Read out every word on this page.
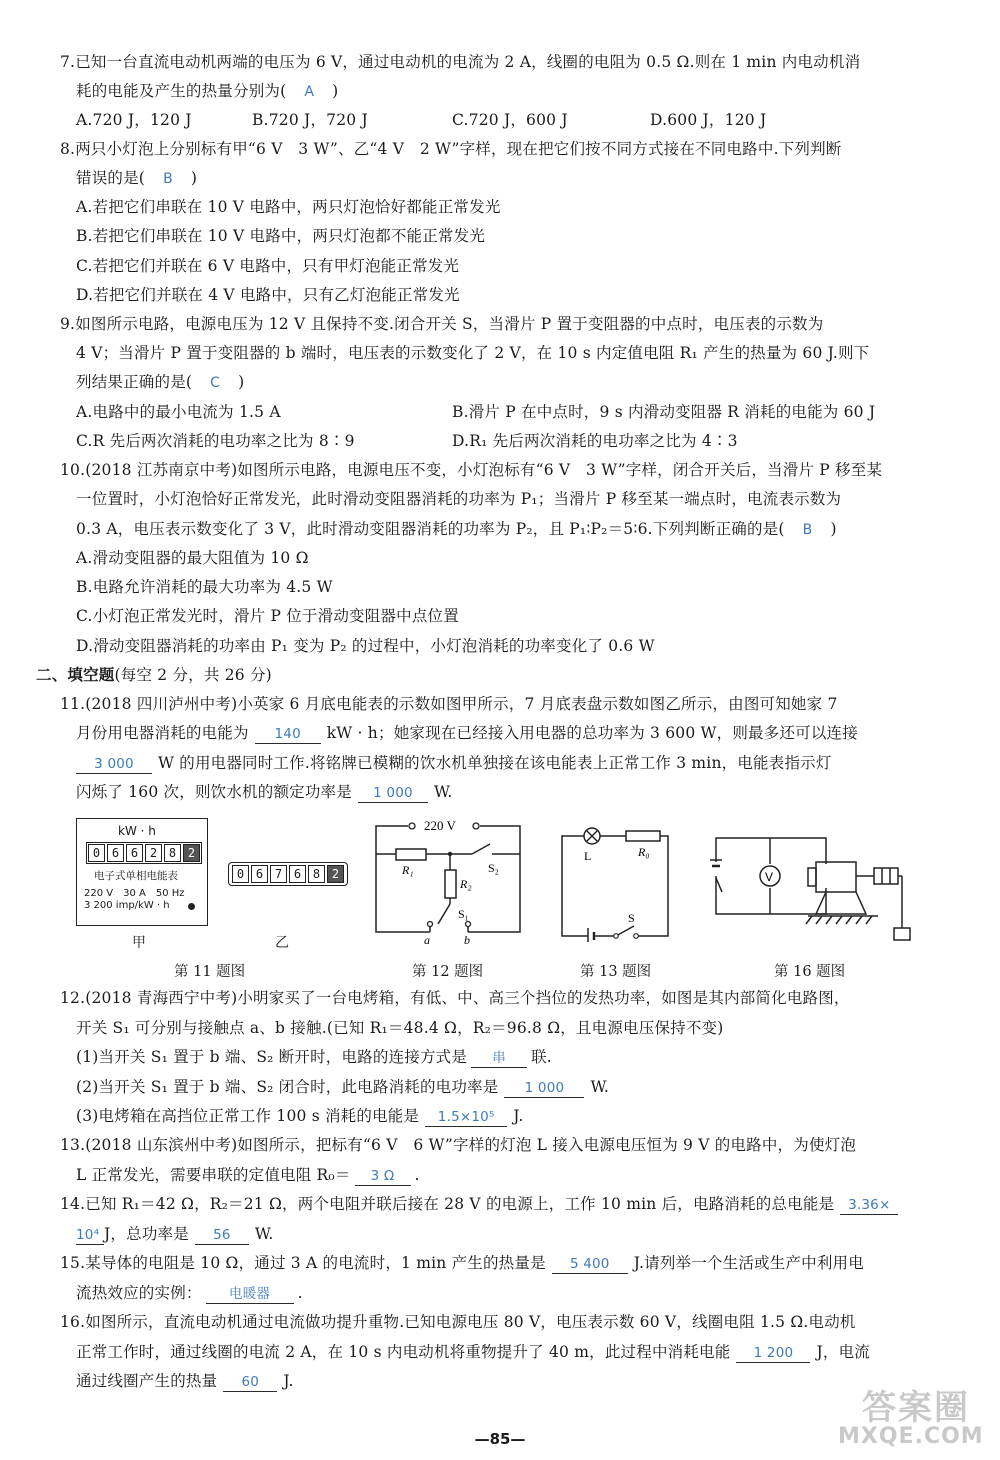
7.已知一台直流电动机两端的电压为 6 V，通过电动机的电流为 2 A，线圈的电阻为 0.5 Ω.则在 1 min 内电动机消
耗的电能及产生的热量分别为( A )
A.720 J，120 J	B.720 J，720 J	C.720 J，600 J	D.600 J，120 J
8.两只小灯泡上分别标有甲“6 V　3 W”、乙“4 V　2 W”字样，现在把它们按不同方式接在不同电路中.下列判断
错误的是( B )
A.若把它们串联在 10 V 电路中，两只灯泡恰好都能正常发光
B.若把它们串联在 10 V 电路中，两只灯泡都不能正常发光
C.若把它们并联在 6 V 电路中，只有甲灯泡能正常发光
D.若把它们并联在 4 V 电路中，只有乙灯泡能正常发光
9.如图所示电路，电源电压为 12 V 且保持不变.闭合开关 S，当滑片 P 置于变阻器的中点时，电压表的示数为
4 V；当滑片 P 置于变阻器的 b 端时，电压表的示数变化了 2 V，在 10 s 内定值电阻 R₁ 产生的热量为 60 J.则下
列结果正确的是( C )
A.电路中的最小电流为 1.5 A	B.滑片 P 在中点时，9 s 内滑动变阻器 R 消耗的电能为 60 J
C.R 先后两次消耗的电功率之比为 8∶9	D.R₁ 先后两次消耗的电功率之比为 4∶3
10.(2018 江苏南京中考)如图所示电路，电源电压不变，小灯泡标有“6 V　3 W”字样，闭合开关后，当滑片 P 移至某
一位置时，小灯泡恰好正常发光，此时滑动变阻器消耗的功率为 P₁；当滑片 P 移至某一端点时，电流表示数为
0.3 A，电压表示数变化了 3 V，此时滑动变阻器消耗的功率为 P₂，且 P₁∶P₂＝5∶6.下列判断正确的是( B )
A.滑动变阻器的最大阻值为 10 Ω
B.电路允许消耗的最大功率为 4.5 W
C.小灯泡正常发光时，滑片 P 位于滑动变阻器中点位置
D.滑动变阻器消耗的功率由 P₁ 变为 P₂ 的过程中，小灯泡消耗的功率变化了 0.6 W
二、填空题(每空 2 分，共 26 分)
11.(2018 四川泸州中考)小英家 6 月底电能表的示数如图甲所示，7 月底表盘示数如图乙所示，由图可知她家 7
月份用电器消耗的电能为 140 kW · h；她家现在已经接入用电器的总功率为 3 600 W，则最多还可以连接
3 000 W 的用电器同时工作.将铭牌已模糊的饮水机单独接在该电能表上正常工作 3 min，电能表指示灯
闪烁了 160 次，则饮水机的额定功率是 1 000 W.
kW · h
0 6 6 2 8 2
电子式单相电能表
220 V　30 A　50 Hz
3 200 imp/kW · h
甲
0 6 7 6 8 2
乙
220 V
R₁
R₂
S₂
S₁
a	b
L	R₀
S
V
第 11 题图	第 12 题图	第 13 题图	第 16 题图
12.(2018 青海西宁中考)小明家买了一台电烤箱，有低、中、高三个挡位的发热功率，如图是其内部简化电路图，
开关 S₁ 可分别与接触点 a、b 接触.(已知 R₁＝48.4 Ω，R₂＝96.8 Ω，且电源电压保持不变)
(1)当开关 S₁ 置于 b 端、S₂ 断开时，电路的连接方式是 串 联.
(2)当开关 S₁ 置于 b 端、S₂ 闭合时，此电路消耗的电功率是 1 000 W.
(3)电烤箱在高挡位正常工作 100 s 消耗的电能是 1.5×10⁵ J.
13.(2018 山东滨州中考)如图所示，把标有“6 V　6 W”字样的灯泡 L 接入电源电压恒为 9 V 的电路中，为使灯泡
L 正常发光，需要串联的定值电阻 R₀＝ 3 Ω .
14.已知 R₁＝42 Ω，R₂＝21 Ω，两个电阻并联后接在 28 V 的电源上，工作 10 min 后，电路消耗的总电能是 3.36×
10⁴ J，总功率是 56 W.
15.某导体的电阻是 10 Ω，通过 3 A 的电流时，1 min 产生的热量是 5 400 J.请列举一个生活或生产中利用电
流热效应的实例： 电暖器 .
16.如图所示，直流电动机通过电流做功提升重物.已知电源电压 80 V，电压表示数 60 V，线圈电阻 1.5 Ω.电动机
正常工作时，通过线圈的电流 2 A，在 10 s 内电动机将重物提升了 40 m，此过程中消耗电能 1 200 J，电流
通过线圈产生的热量 60 J.
—85—
答案圈
MXQE.COM
